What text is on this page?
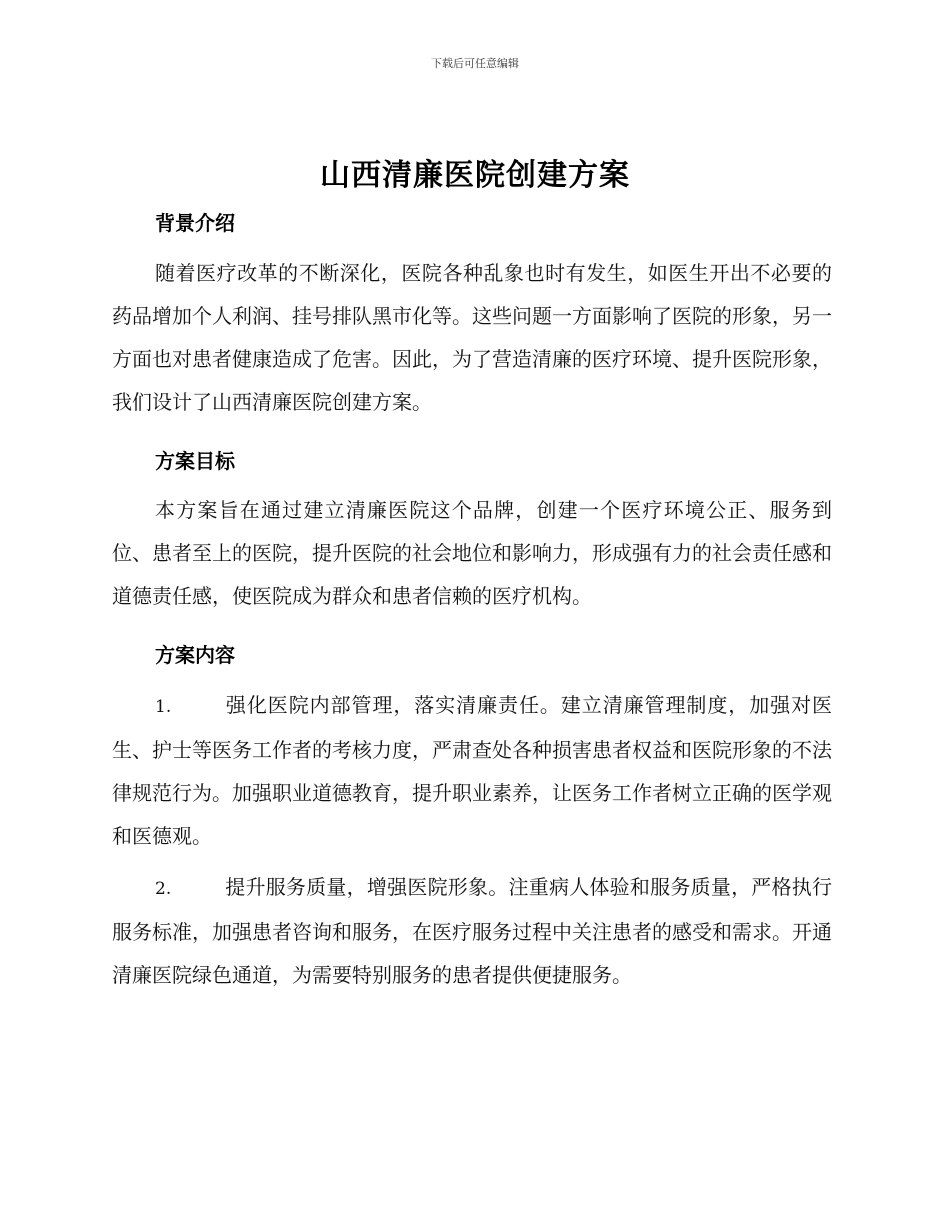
下载后可任意编辑
山西清廉医院创建方案
背景介绍
随着医疗改革的不断深化，医院各种乱象也时有发生，如医生开出不必要的药品增加个人利润、挂号排队黑市化等。这些问题一方面影响了医院的形象，另一方面也对患者健康造成了危害。因此，为了营造清廉的医疗环境、提升医院形象，我们设计了山西清廉医院创建方案。
方案目标
本方案旨在通过建立清廉医院这个品牌，创建一个医疗环境公正、服务到位、患者至上的医院，提升医院的社会地位和影响力，形成强有力的社会责任感和道德责任感，使医院成为群众和患者信赖的医疗机构。
方案内容
1.	强化医院内部管理，落实清廉责任。建立清廉管理制度，加强对医生、护士等医务工作者的考核力度，严肃查处各种损害患者权益和医院形象的不法律规范行为。加强职业道德教育，提升职业素养，让医务工作者树立正确的医学观和医德观。
2.	提升服务质量，增强医院形象。注重病人体验和服务质量，严格执行服务标准，加强患者咨询和服务，在医疗服务过程中关注患者的感受和需求。开通清廉医院绿色通道，为需要特别服务的患者提供便捷服务。
